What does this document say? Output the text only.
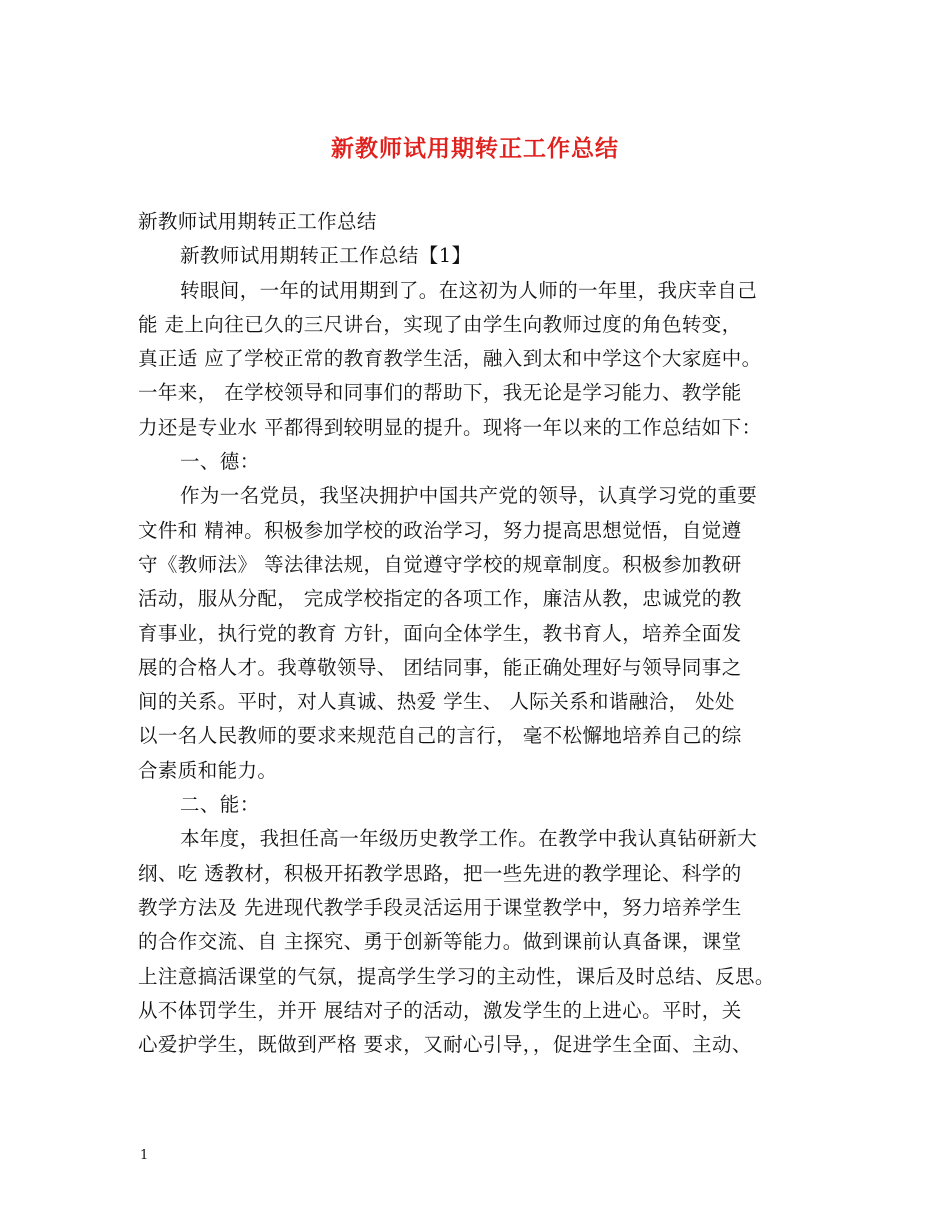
新教师试用期转正工作总结
新教师试用期转正工作总结
新教师试用期转正工作总结【1】
转眼间，一年的试用期到了。在这初为人师的一年里，我庆幸自己
能 走上向往已久的三尺讲台，实现了由学生向教师过度的角色转变，
真正适 应了学校正常的教育教学生活，融入到太和中学这个大家庭中。
一年来， 在学校领导和同事们的帮助下，我无论是学习能力、教学能
力还是专业水 平都得到较明显的提升。现将一年以来的工作总结如下：
一、德：
作为一名党员，我坚决拥护中国共产党的领导，认真学习党的重要
文件和 精神。积极参加学校的政治学习，努力提高思想觉悟，自觉遵
守《教师法》 等法律法规，自觉遵守学校的规章制度。积极参加教研
活动，服从分配， 完成学校指定的各项工作，廉洁从教，忠诚党的教
育事业，执行党的教育 方针，面向全体学生，教书育人，培养全面发
展的合格人才。我尊敬领导、 团结同事，能正确处理好与领导同事之
间的关系。平时，对人真诚、热爱 学生、 人际关系和谐融洽， 处处
以一名人民教师的要求来规范自己的言行， 毫不松懈地培养自己的综
合素质和能力。
二、能：
本年度，我担任高一年级历史教学工作。在教学中我认真钻研新大
纲、吃 透教材，积极开拓教学思路，把一些先进的教学理论、科学的
教学方法及 先进现代教学手段灵活运用于课堂教学中，努力培养学生
的合作交流、自 主探究、勇于创新等能力。做到课前认真备课，课堂
上注意搞活课堂的气氛，提高学生学习的主动性，课后及时总结、反思。
从不体罚学生，并开 展结对子的活动，激发学生的上进心。平时，关
心爱护学生，既做到严格 要求，又耐心引导，，促进学生全面、主动、
1
